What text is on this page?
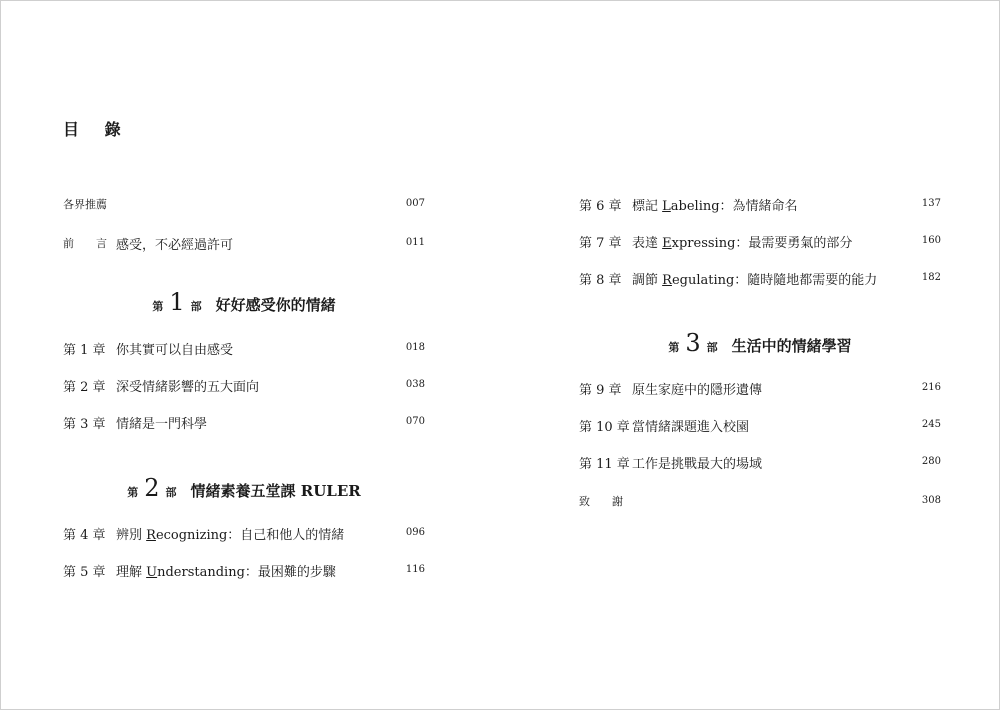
目 錄
各界推薦	007
前　　言 感受，不必經過許可	011
第 1 部 好好感受你的情緒
第 1 章 你其實可以自由感受	018
第 2 章 深受情緒影響的五大面向	038
第 3 章 情緒是一門科學	070
第 2 部 情緒素養五堂課 RULER
第 4 章 辨別 Recognizing：自己和他人的情緒	096
第 5 章 理解 Understanding：最困難的步驟	116
第 6 章 標記 Labeling：為情緒命名	137
第 7 章 表達 Expressing：最需要勇氣的部分	160
第 8 章 調節 Regulating：隨時隨地都需要的能力	182
第 3 部 生活中的情緒學習
第 9 章 原生家庭中的隱形遺傳	216
第 10 章 當情緒課題進入校園	245
第 11 章 工作是挑戰最大的場域	280
致　　謝	308
